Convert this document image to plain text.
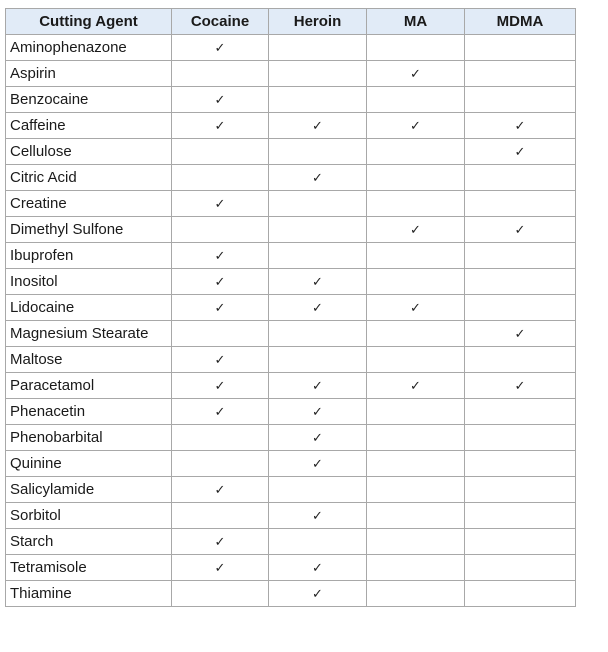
Cutting Agent	Cocaine	Heroin	MA	MDMA
Aminophenazone	✓			
Aspirin			✓	
Benzocaine	✓			
Caffeine	✓	✓	✓	✓
Cellulose				✓
Citric Acid		✓		
Creatine	✓			
Dimethyl Sulfone			✓	✓
Ibuprofen	✓			
Inositol	✓	✓		
Lidocaine	✓	✓	✓	
Magnesium Stearate				✓
Maltose	✓			
Paracetamol	✓	✓	✓	✓
Phenacetin	✓	✓		
Phenobarbital		✓		
Quinine		✓		
Salicylamide	✓			
Sorbitol		✓		
Starch	✓			
Tetramisole	✓	✓		
Thiamine		✓		
